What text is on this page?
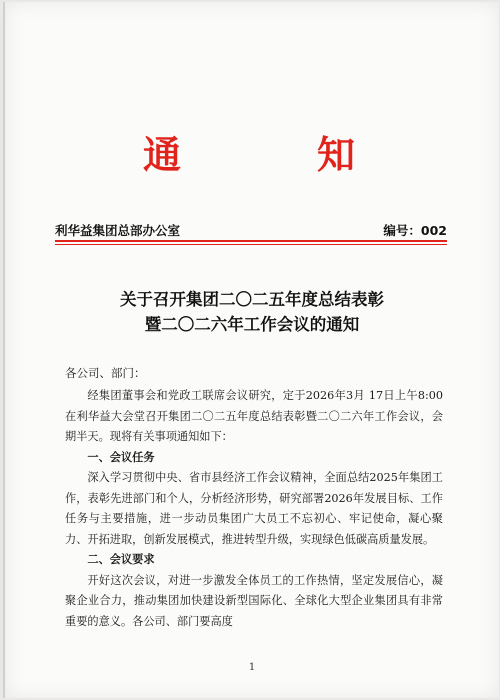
通	知
利华益集团总部办公室	编号：002
关于召开集团二〇二五年度总结表彰
暨二〇二六年工作会议的通知
各公司、部门：

经集团董事会和党政工联席会议研究，定于2026年3月 17日上午8:00在利华益大会堂召开集团二〇二五年度总结表彰暨二〇二六年工作会议，会期半天。现将有关事项通知如下：

一、会议任务

深入学习贯彻中央、省市县经济工作会议精神，全面总结2025年集团工作，表彰先进部门和个人，分析经济形势，研究部署2026年发展目标、工作任务与主要措施，进一步动员集团广大员工不忘初心、牢记使命，凝心聚力、开拓进取，创新发展模式，推进转型升级，实现绿色低碳高质量发展。

二、会议要求

开好这次会议，对进一步激发全体员工的工作热情，坚定发展信心，凝聚企业合力，推动集团加快建设新型国际化、全球化大型企业集团具有非常重要的意义。各公司、部门要高度

1
